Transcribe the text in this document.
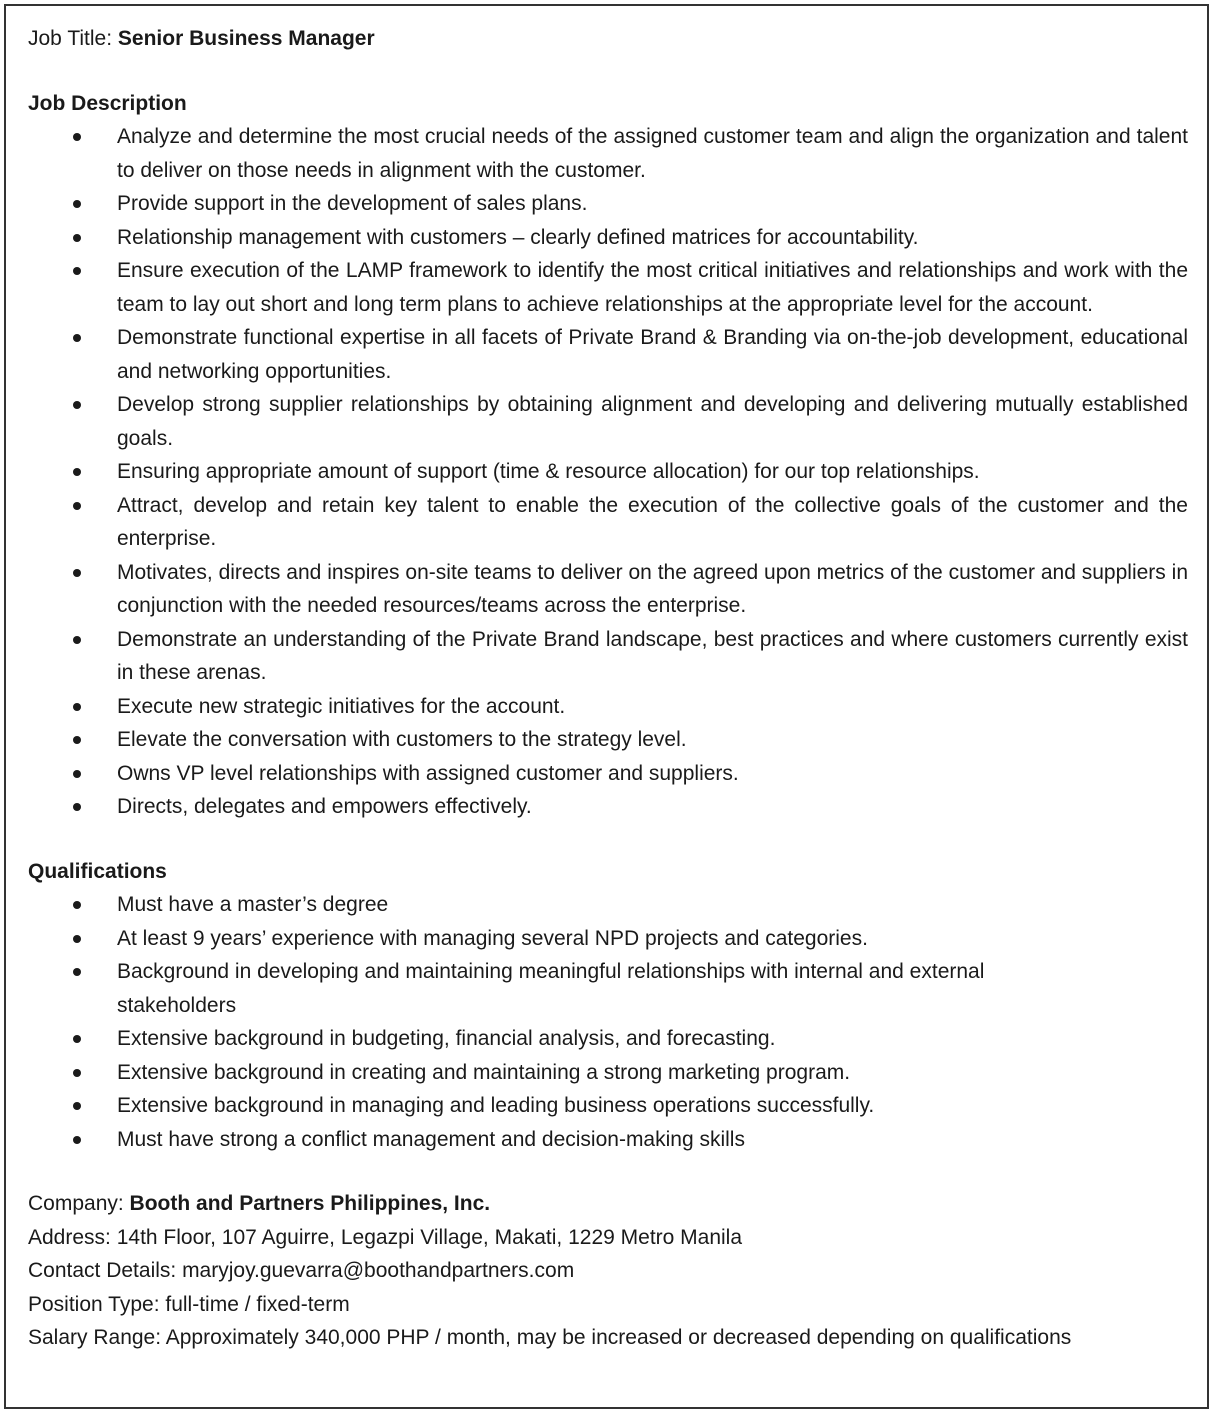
Job Title: Senior Business Manager

Job Description

Analyze and determine the most crucial needs of the assigned customer team and align the organization and talent to deliver on those needs in alignment with the customer.
Provide support in the development of sales plans.
Relationship management with customers – clearly defined matrices for accountability.
Ensure execution of the LAMP framework to identify the most critical initiatives and relationships and work with the team to lay out short and long term plans to achieve relationships at the appropriate level for the account.
Demonstrate functional expertise in all facets of Private Brand & Branding via on-the-job development, educational and networking opportunities.
Develop strong supplier relationships by obtaining alignment and developing and delivering mutually established goals.
Ensuring appropriate amount of support (time & resource allocation) for our top relationships.
Attract, develop and retain key talent to enable the execution of the collective goals of the customer and the enterprise.
Motivates, directs and inspires on-site teams to deliver on the agreed upon metrics of the customer and suppliers in conjunction with the needed resources/teams across the enterprise.
Demonstrate an understanding of the Private Brand landscape, best practices and where customers currently exist in these arenas.
Execute new strategic initiatives for the account.
Elevate the conversation with customers to the strategy level.
Owns VP level relationships with assigned customer and suppliers.
Directs, delegates and empowers effectively.

Qualifications

Must have a master’s degree
At least 9 years’ experience with managing several NPD projects and categories.
Background in developing and maintaining meaningful relationships with internal and external stakeholders
Extensive background in budgeting, financial analysis, and forecasting.
Extensive background in creating and maintaining a strong marketing program.
Extensive background in managing and leading business operations successfully.
Must have strong a conflict management and decision-making skills

Company: Booth and Partners Philippines, Inc.

Address: 14th Floor, 107 Aguirre, Legazpi Village, Makati, 1229 Metro Manila

Contact Details: maryjoy.guevarra@boothandpartners.com

Position Type: full-time / fixed-term

Salary Range: Approximately 340,000 PHP / month, may be increased or decreased depending on qualifications
